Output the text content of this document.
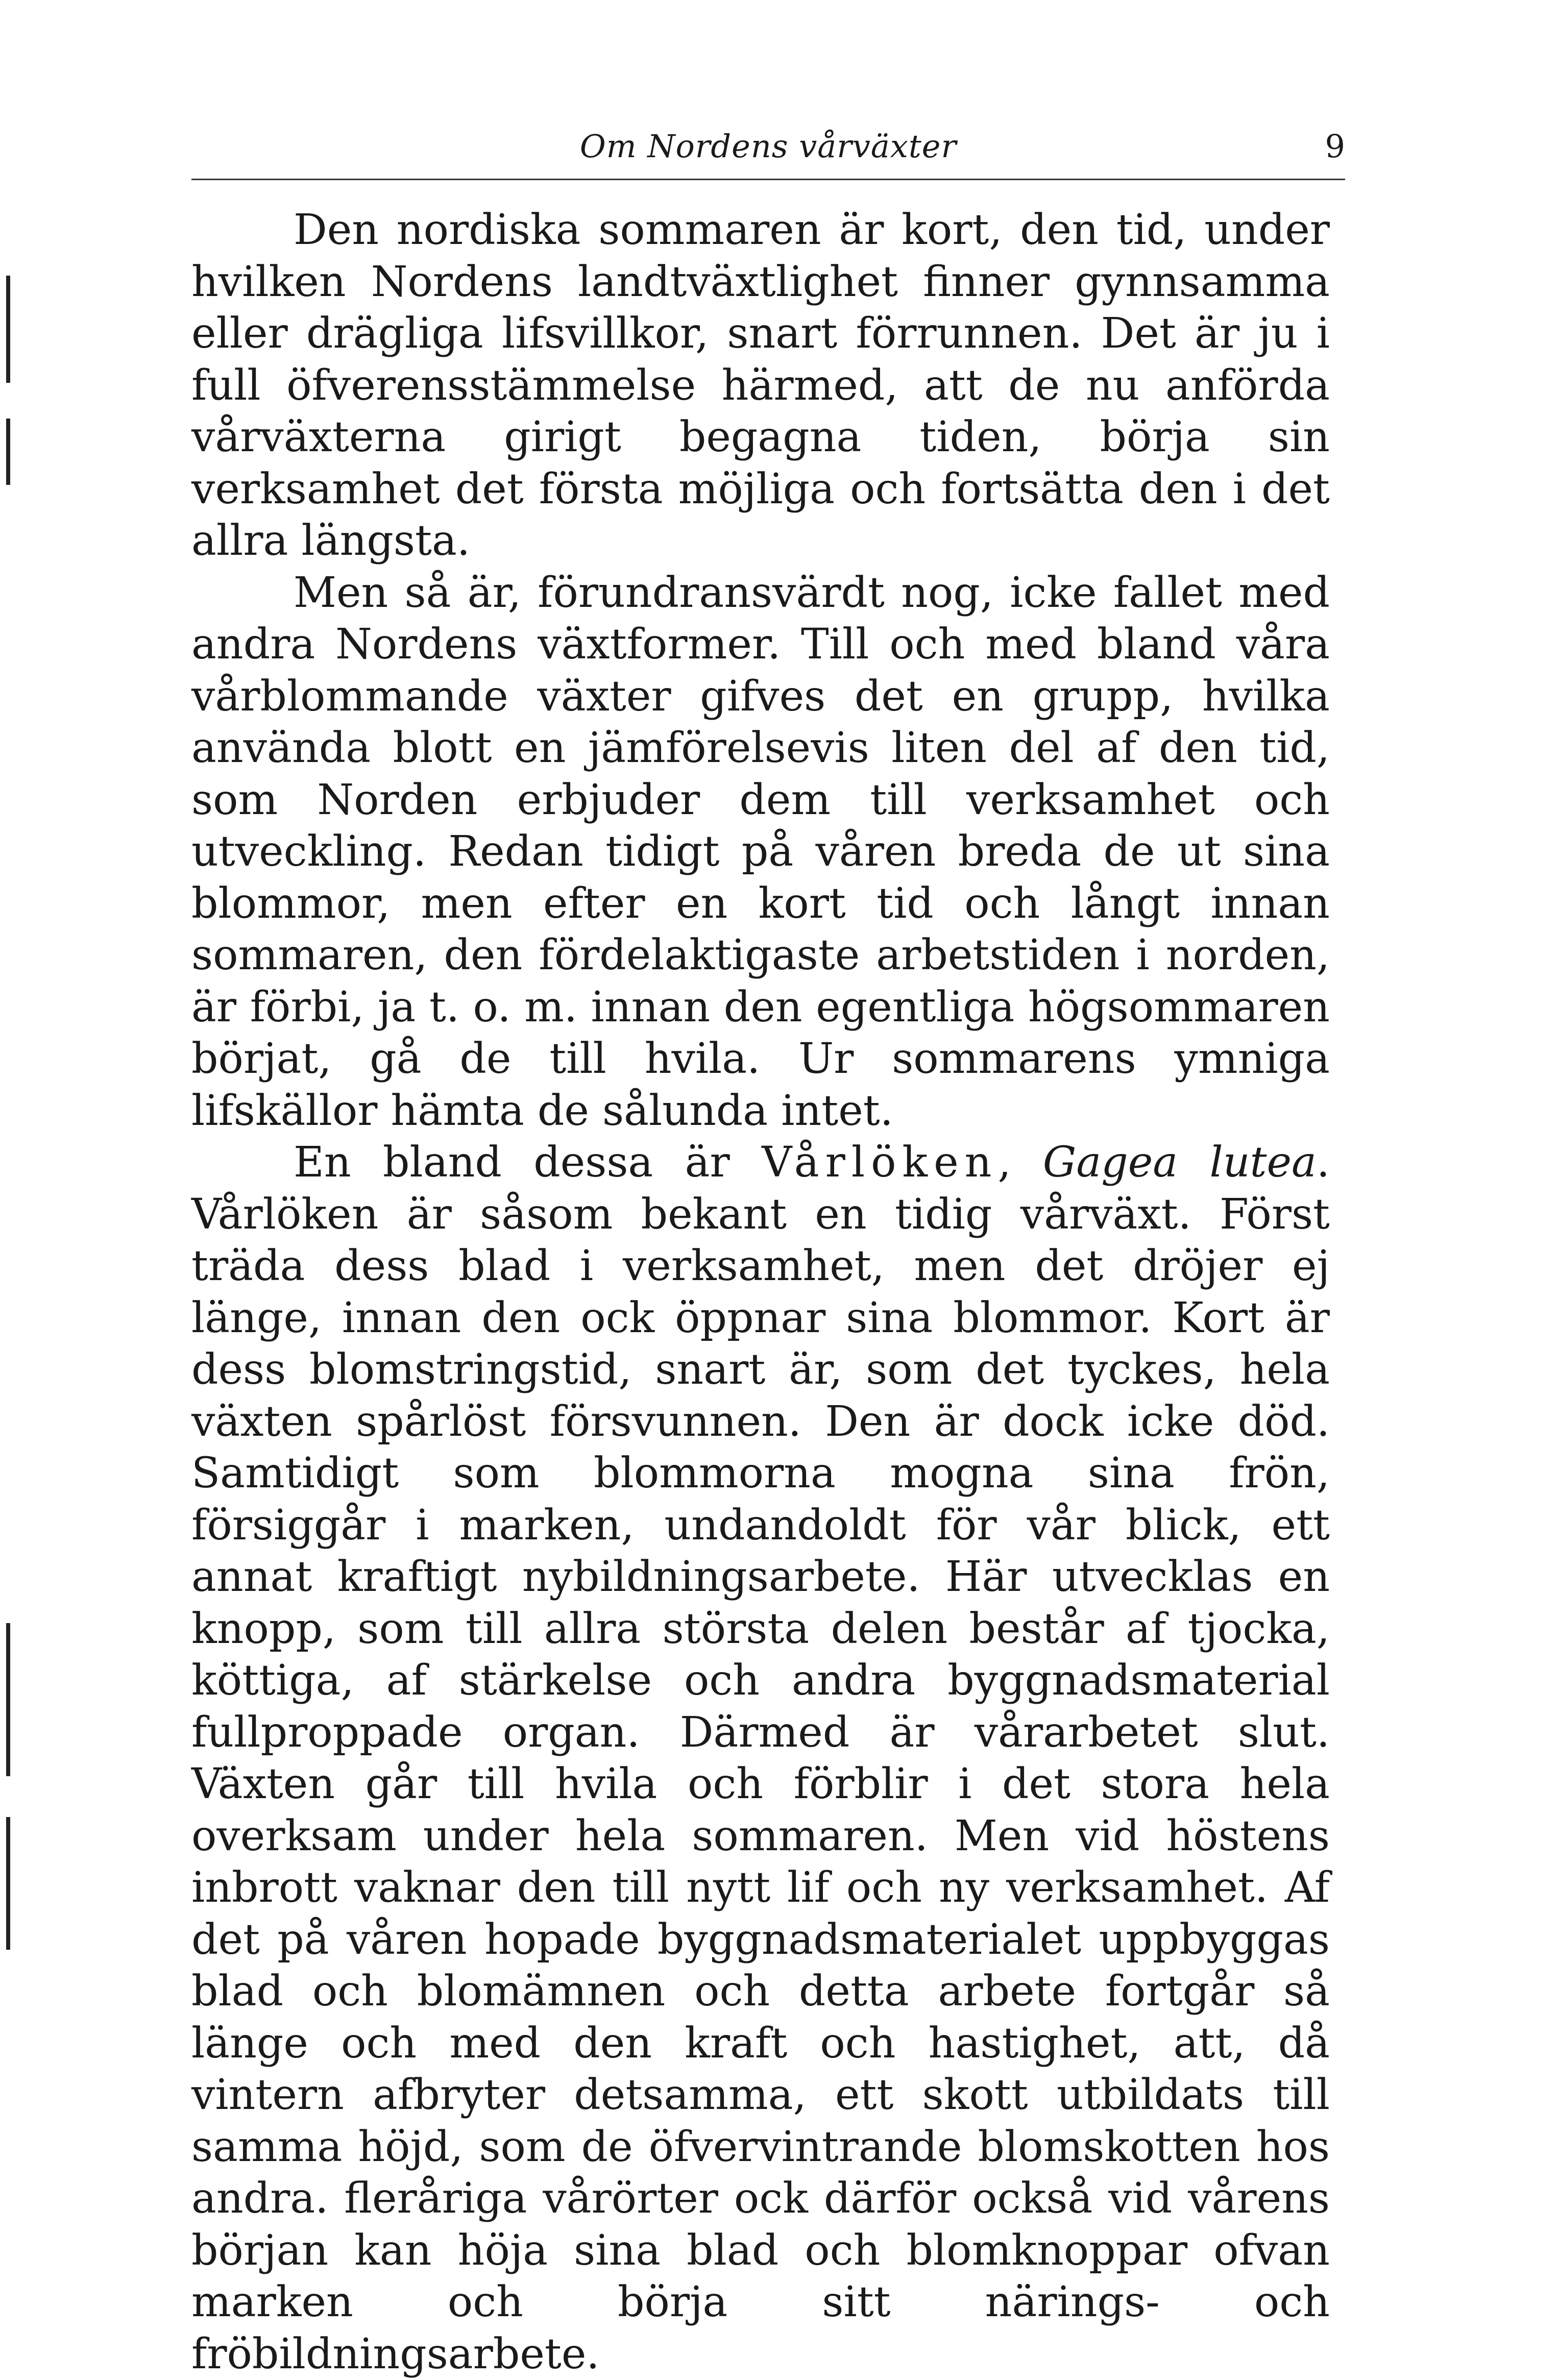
Om Nordens vårväxter	9

Den nordiska sommaren är kort, den tid, under hvilken Nordens landtväxtlighet finner gynnsamma eller drägliga lifsvillkor, snart förrunnen. Det är ju i full öfverensstämmelse härmed, att de nu anförda vårväxterna girigt begagna tiden, börja sin verksamhet det första möjliga och fortsätta den i det allra längsta.

Men så är, förundransvärdt nog, icke fallet med andra Nordens växtformer. Till och med bland våra vårblommande växter gifves det en grupp, hvilka använda blott en jämförelsevis liten del af den tid, som Norden erbjuder dem till verksamhet och utveckling. Redan tidigt på våren breda de ut sina blommor, men efter en kort tid och långt innan sommaren, den fördelaktigaste arbetstiden i norden, är förbi, ja t. o. m. innan den egentliga högsommaren börjat, gå de till hvila. Ur sommarens ymniga lifskällor hämta de sålunda intet.

En bland dessa är Vårlöken, Gagea lutea. Vårlöken är såsom bekant en tidig vårväxt. Först träda dess blad i verksamhet, men det dröjer ej länge, innan den ock öppnar sina blommor. Kort är dess blomstringstid, snart är, som det tyckes, hela växten spårlöst försvunnen. Den är dock icke död. Samtidigt som blommorna mogna sina frön, försiggår i marken, undandoldt för vår blick, ett annat kraftigt nybildningsarbete. Här utvecklas en knopp, som till allra största delen består af tjocka, köttiga, af stärkelse och andra byggnadsmaterial fullproppade organ. Därmed är vårarbetet slut. Växten går till hvila och förblir i det stora hela overksam under hela sommaren. Men vid höstens inbrott vaknar den till nytt lif och ny verksamhet. Af det på våren hopade byggnadsmaterialet uppbyggas blad och blomämnen och detta arbete fortgår så länge och med den kraft och hastighet, att, då vintern afbryter detsamma, ett skott utbildats till samma höjd, som de öfvervintrande blomskotten hos andra. fleråriga vårörter ock därför också vid vårens början kan höja sina blad och blomknoppar ofvan marken och börja sitt närings- och fröbildningsarbete.
